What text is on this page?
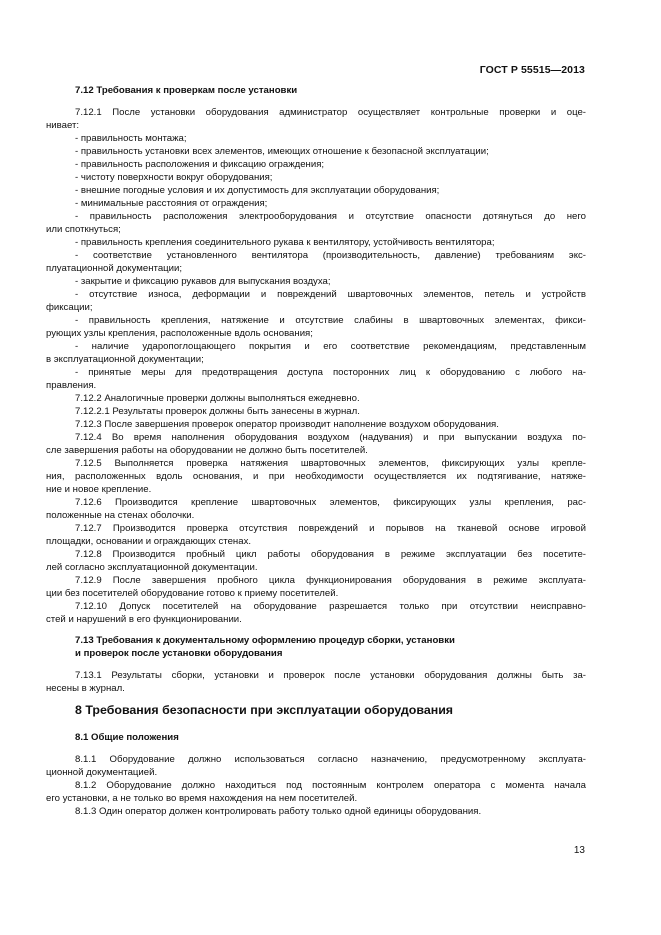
ГОСТ Р 55515—2013
7.12 Требования к проверкам после установки
7.12.1 После установки оборудования администратор осуществляет контрольные проверки и оце-
нивает:
- правильность монтажа;
- правильность установки всех элементов, имеющих отношение к безопасной эксплуатации;
- правильность расположения и фиксацию ограждения;
- чистоту поверхности вокруг оборудования;
- внешние погодные условия и их допустимость для эксплуатации оборудования;
- минимальные расстояния от ограждения;
- правильность расположения электрооборудования и отсутствие опасности дотянуться до него
или споткнуться;
- правильность крепления соединительного рукава к вентилятору, устойчивость вентилятора;
- соответствие установленного вентилятора (производительность, давление) требованиям экс-
плуатационной документации;
- закрытие и фиксацию рукавов для выпускания воздуха;
- отсутствие износа, деформации и повреждений швартовочных элементов, петель и устройств
фиксации;
- правильность крепления, натяжение и отсутствие слабины в швартовочных элементах, фикси-
рующих узлы крепления, расположенные вдоль основания;
- наличие ударопоглощающего покрытия и его соответствие рекомендациям, представленным
в эксплуатационной документации;
- принятые меры для предотвращения доступа посторонних лиц к оборудованию с любого на-
правления.
7.12.2 Аналогичные проверки должны выполняться ежедневно.
7.12.2.1 Результаты проверок должны быть занесены в журнал.
7.12.3 После завершения проверок оператор производит наполнение воздухом оборудования.
7.12.4 Во время наполнения оборудования воздухом (надувания) и при выпускании воздуха по-
сле завершения работы на оборудовании не должно быть посетителей.
7.12.5 Выполняется проверка натяжения швартовочных элементов, фиксирующих узлы крепле-
ния, расположенных вдоль основания, и при необходимости осуществляется их подтягивание, натяже-
ние и новое крепление.
7.12.6 Производится крепление швартовочных элементов, фиксирующих узлы крепления, рас-
положенные на стенах оболочки.
7.12.7 Производится проверка отсутствия повреждений и порывов на тканевой основе игровой
площадки, основании и ограждающих стенах.
7.12.8 Производится пробный цикл работы оборудования в режиме эксплуатации без посетите-
лей согласно эксплуатационной документации.
7.12.9 После завершения пробного цикла функционирования оборудования в режиме эксплуата-
ции без посетителей оборудование готово к приему посетителей.
7.12.10 Допуск посетителей на оборудование разрешается только при отсутствии неисправно-
стей и нарушений в его функционировании.
7.13 Требования к документальному оформлению процедур сборки, установки
и проверок после установки оборудования
7.13.1 Результаты сборки, установки и проверок после установки оборудования должны быть за-
несены в журнал.
8 Требования безопасности при эксплуатации оборудования
8.1 Общие положения
8.1.1 Оборудование должно использоваться согласно назначению, предусмотренному эксплуата-
ционной документацией.
8.1.2 Оборудование должно находиться под постоянным контролем оператора с момента начала
его установки, а не только во время нахождения на нем посетителей.
8.1.3 Один оператор должен контролировать работу только одной единицы оборудования.
13
